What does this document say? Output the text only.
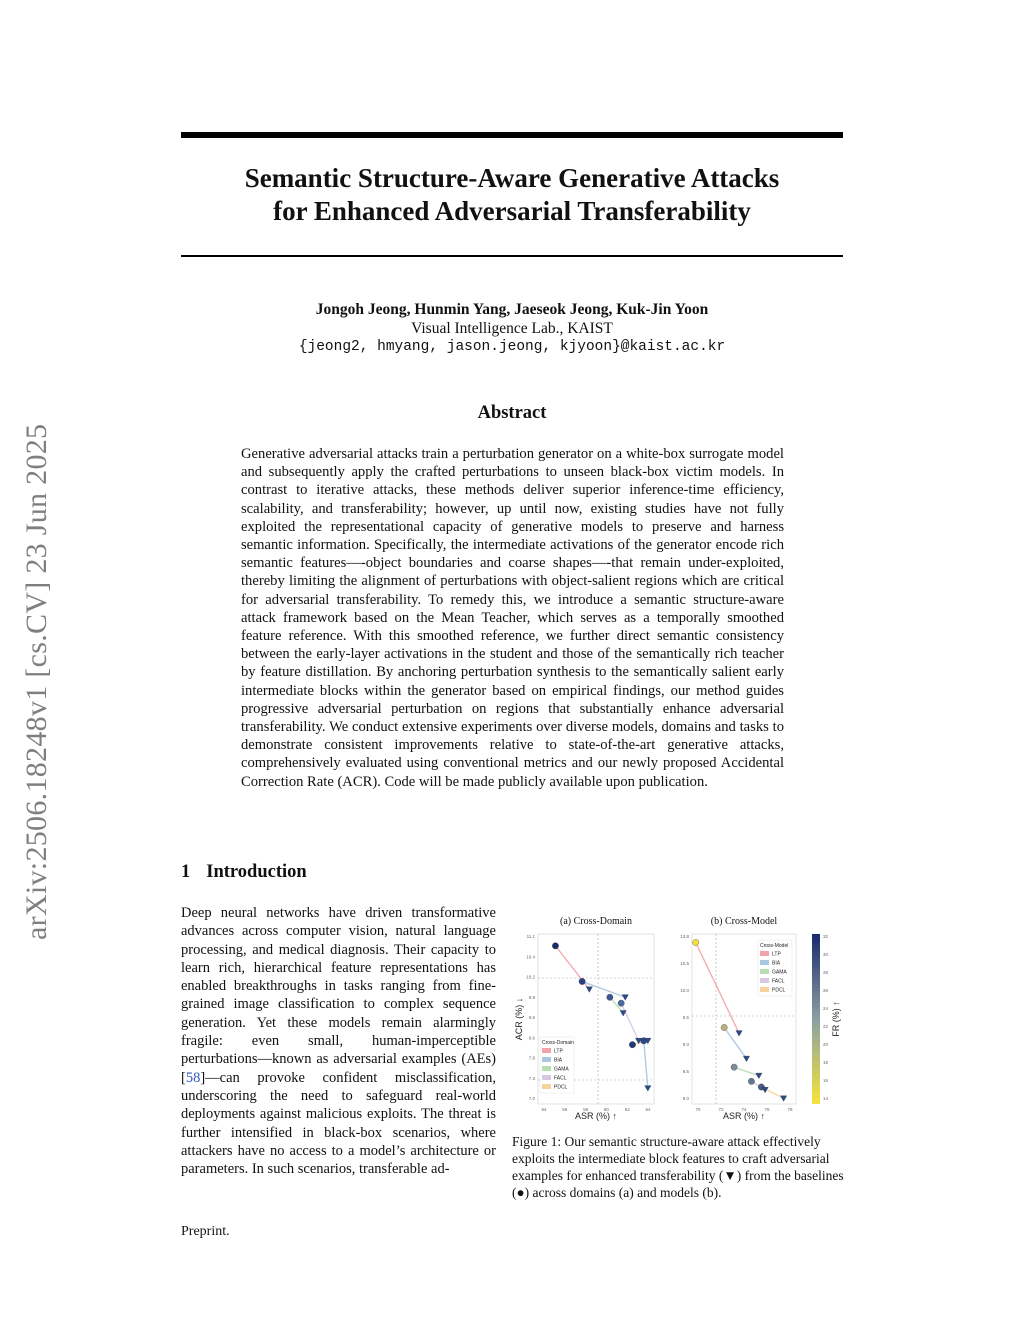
arXiv:2506.18248v1 [cs.CV] 23 Jun 2025
Semantic Structure-Aware Generative Attacks
for Enhanced Adversarial Transferability
Jongoh Jeong, Hunmin Yang, Jaeseok Jeong, Kuk-Jin Yoon
Visual Intelligence Lab., KAIST
{jeong2, hmyang, jason.jeong, kjyoon}@kaist.ac.kr
Abstract
Generative adversarial attacks train a perturbation generator on a white-box surrogate model and subsequently apply the crafted perturbations to unseen black-box victim models. In contrast to iterative attacks, these methods deliver superior inference-time efficiency, scalability, and transferability; however, up until now, existing studies have not fully exploited the representational capacity of generative models to preserve and harness semantic information. Specifically, the intermediate activations of the generator encode rich semantic features—-object boundaries and coarse shapes—-that remain under-exploited, thereby limiting the alignment of perturbations with object-salient regions which are critical for adversarial transferability. To remedy this, we introduce a semantic structure-aware attack framework based on the Mean Teacher, which serves as a temporally smoothed feature reference. With this smoothed reference, we further direct semantic consistency between the early-layer activations in the student and those of the semantically rich teacher by feature distillation. By anchoring perturbation synthesis to the semantically salient early intermediate blocks within the generator based on empirical findings, our method guides progressive adversarial perturbation on regions that substantially enhance adversarial transferability. We conduct extensive experiments over diverse models, domains and tasks to demonstrate consistent improvements relative to state-of-the-art generative attacks, comprehensively evaluated using conventional metrics and our newly proposed Accidental Correction Rate (ACR). Code will be made publicly available upon publication.
1 Introduction
Deep neural networks have driven transformative advances across computer vision, natural language processing, and medical diagnosis. Their capacity to learn rich, hierarchical feature representations has enabled breakthroughs in tasks ranging from fine-grained image classification to complex sequence generation. Yet these models remain alarmingly fragile: even small, human-imperceptible perturbations—known as adversarial examples (AEs) [58]—can provoke confident misclassification, underscoring the need to safeguard real-world deployments against malicious exploits. The threat is further intensified in black-box scenarios, where attackers have no access to a model’s architecture or parameters. In such scenarios, transferable ad-
(a) Cross-Domain
ASR (%) ↑
ACR (%) ↓
54	56	58	60	62	64
11.1
10.4
10.2
9.8
9.6
8.6
7.8
7.3
7.0
Cross-Domain
LTP
BIA
GAMA
FACL
PDCL
(b) Cross-Model
ASR (%) ↑
70	72	74	76	78
13.8
10.5
10.0
9.5
9.0
8.5
8.0
Cross-Model
LTP
BIA
GAMA
FACL
PDCL
32
30
28
26
24
22
20
18
16
14
FR (%) ↑
Figure 1: Our semantic structure-aware attack effectively exploits the intermediate block features to craft adversarial examples for enhanced transferability (▼) from the baselines (●) across domains (a) and models (b).
Preprint.
